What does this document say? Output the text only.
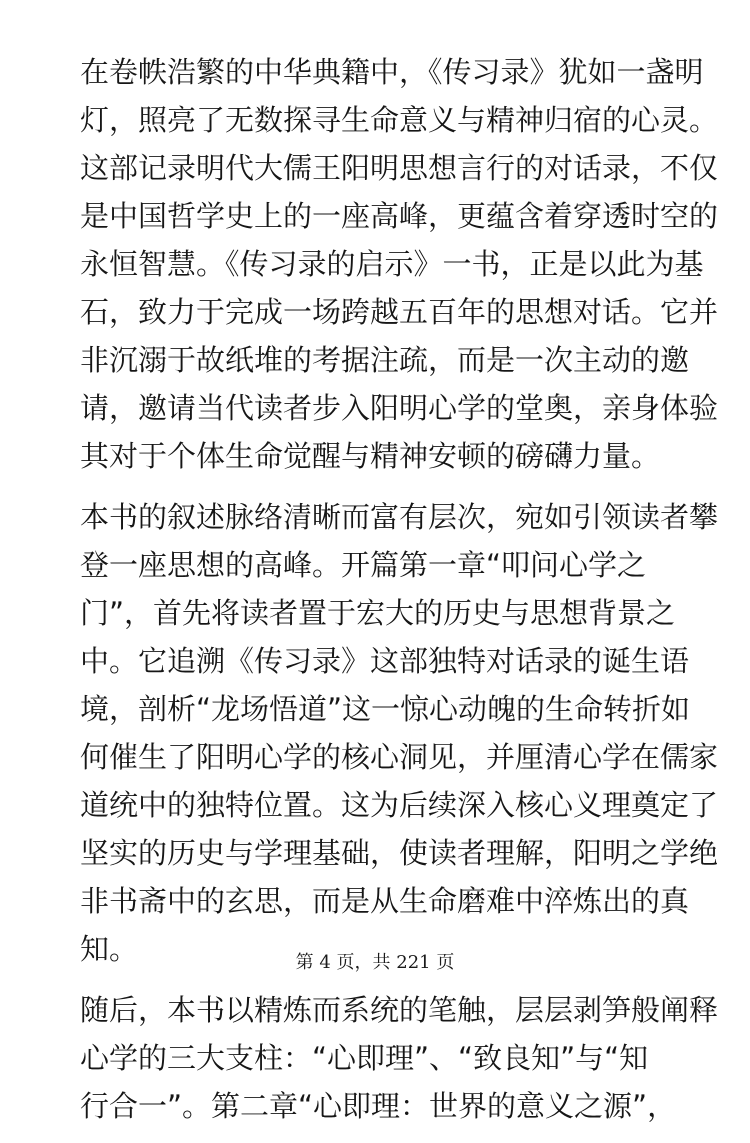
在卷帙浩繁的中华典籍中，《传习录》犹如一盏明
灯，照亮了无数探寻生命意义与精神归宿的心灵。
这部记录明代大儒王阳明思想言行的对话录，不仅
是中国哲学史上的一座高峰，更蕴含着穿透时空的
永恒智慧。《传习录的启示》一书，正是以此为基
石，致力于完成一场跨越五百年的思想对话。它并
非沉溺于故纸堆的考据注疏，而是一次主动的邀
请，邀请当代读者步入阳明心学的堂奥，亲身体验
其对于个体生命觉醒与精神安顿的磅礴力量。
本书的叙述脉络清晰而富有层次，宛如引领读者攀
登一座思想的高峰。开篇第一章“叩问心学之
门”，首先将读者置于宏大的历史与思想背景之
中。它追溯《传习录》这部独特对话录的诞生语
境，剖析“龙场悟道”这一惊心动魄的生命转折如
何催生了阳明心学的核心洞见，并厘清心学在儒家
道统中的独特位置。这为后续深入核心义理奠定了
坚实的历史与学理基础，使读者理解，阳明之学绝
非书斋中的玄思，而是从生命磨难中淬炼出的真
知。
随后，本书以精炼而系统的笔触，层层剥笋般阐释
心学的三大支柱：“心即理”、“致良知”与“知
行合一”。第二章“心即理：世界的意义之源”，
第 4 页，共 221 页
